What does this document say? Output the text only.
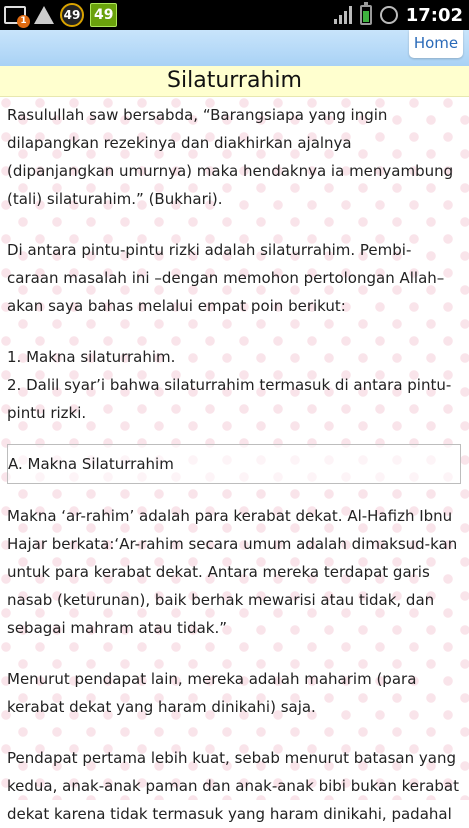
1	49 49	17:02
Home
Silaturrahim

Rasulullah saw bersabda, “Barangsiapa yang ingin dilapangkan rezekinya dan diakhirkan ajalnya (dipanjangkan umurnya) maka hendaknya ia menyambung (tali) silaturahim.” (Bukhari).

Di antara pintu-pintu rizki adalah silaturrahim. Pembi-caraan masalah ini –dengan memohon pertolongan Allah– akan saya bahas melalui empat poin berikut:

1. Makna silaturrahim.

2. Dalil syar’i bahwa silaturrahim termasuk di antara pintu-pintu rizki.

A. Makna Silaturrahim

Makna ‘ar-rahim’ adalah para kerabat dekat. Al-Hafizh Ibnu Hajar berkata:‘Ar-rahim secara umum adalah dimaksud-kan untuk para kerabat dekat. Antara mereka terdapat garis nasab (keturunan), baik berhak mewarisi atau tidak, dan sebagai mahram atau tidak.”

Menurut pendapat lain, mereka adalah maharim (para kerabat dekat yang haram dinikahi) saja.

Pendapat pertama lebih kuat, sebab menurut batasan yang kedua, anak-anak paman dan anak-anak bibi bukan kerabat dekat karena tidak termasuk yang haram dinikahi, padahal
